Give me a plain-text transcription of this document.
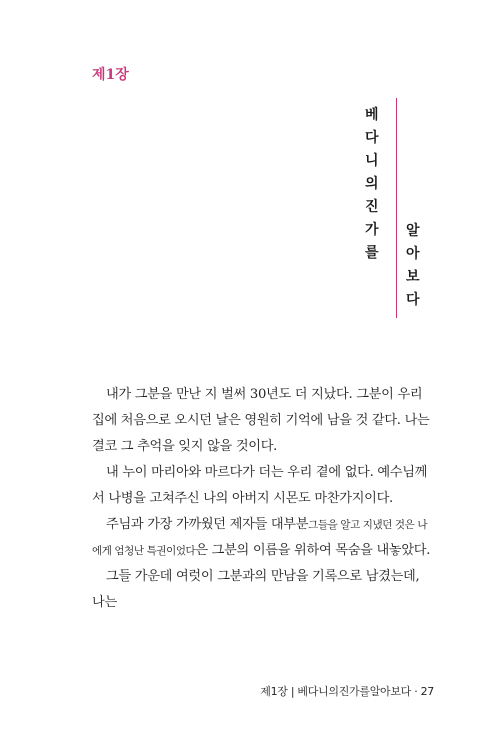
제1장
베
다
니
의
진
가
를
알
아
보
다

내가 그분을 만난 지 벌써 30년도 더 지났다. 그분이 우리 집에 처음으로 오시던 날은 영원히 기억에 남을 것 같다. 나는 결코 그 추억을 잊지 않을 것이다.

내 누이 마리아와 마르다가 더는 우리 곁에 없다. 예수님께서 나병을 고쳐주신 나의 아버지 시몬도 마찬가지이다.

주님과 가장 가까웠던 제자들 대부분그들을 알고 지냈던 것은 나에게 엄청난 특권이었다은 그분의 이름을 위하여 목숨을 내놓았다.

그들 가운데 여럿이 그분과의 만남을 기록으로 남겼는데, 나는

제1장 | 베다니의진가를알아보다 · 27
